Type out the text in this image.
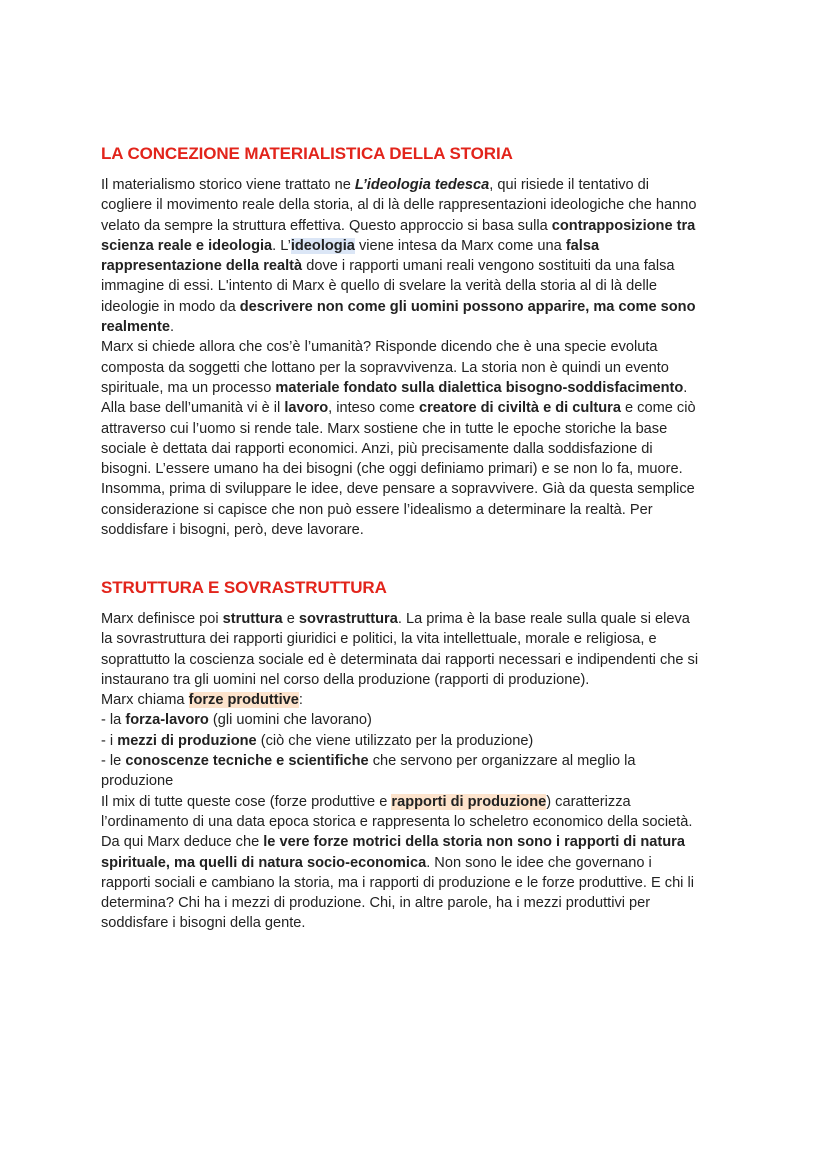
LA CONCEZIONE MATERIALISTICA DELLA STORIA
Il materialismo storico viene trattato ne L’ideologia tedesca, qui risiede il tentativo di
cogliere il movimento reale della storia, al di là delle rappresentazioni ideologiche che hanno
velato da sempre la struttura effettiva. Questo approccio si basa sulla contrapposizione tra
scienza reale e ideologia. L’ideologia viene intesa da Marx come una falsa
rappresentazione della realtà dove i rapporti umani reali vengono sostituiti da una falsa
immagine di essi. L'intento di Marx è quello di svelare la verità della storia al di là delle
ideologie in modo da descrivere non come gli uomini possono apparire, ma come sono
realmente.
Marx si chiede allora che cos’è l’umanità? Risponde dicendo che è una specie evoluta
composta da soggetti che lottano per la sopravvivenza. La storia non è quindi un evento
spirituale, ma un processo materiale fondato sulla dialettica bisogno-soddisfacimento.
Alla base dell’umanità vi è il lavoro, inteso come creatore di civiltà e di cultura e come ciò
attraverso cui l’uomo si rende tale. Marx sostiene che in tutte le epoche storiche la base
sociale è dettata dai rapporti economici. Anzi, più precisamente dalla soddisfazione di
bisogni. L’essere umano ha dei bisogni (che oggi definiamo primari) e se non lo fa, muore.
Insomma, prima di sviluppare le idee, deve pensare a sopravvivere. Già da questa semplice
considerazione si capisce che non può essere l’idealismo a determinare la realtà. Per
soddisfare i bisogni, però, deve lavorare.
STRUTTURA E SOVRASTRUTTURA
Marx definisce poi struttura e sovrastruttura. La prima è la base reale sulla quale si eleva
la sovrastruttura dei rapporti giuridici e politici, la vita intellettuale, morale e religiosa, e
soprattutto la coscienza sociale ed è determinata dai rapporti necessari e indipendenti che si
instaurano tra gli uomini nel corso della produzione (rapporti di produzione).
Marx chiama forze produttive:
- la forza-lavoro (gli uomini che lavorano)
- i mezzi di produzione (ciò che viene utilizzato per la produzione)
- le conoscenze tecniche e scientifiche che servono per organizzare al meglio la
produzione
Il mix di tutte queste cose (forze produttive e rapporti di produzione) caratterizza
l’ordinamento di una data epoca storica e rappresenta lo scheletro economico della società.
Da qui Marx deduce che le vere forze motrici della storia non sono i rapporti di natura
spirituale, ma quelli di natura socio-economica. Non sono le idee che governano i
rapporti sociali e cambiano la storia, ma i rapporti di produzione e le forze produttive. E chi li
determina? Chi ha i mezzi di produzione. Chi, in altre parole, ha i mezzi produttivi per
soddisfare i bisogni della gente.
